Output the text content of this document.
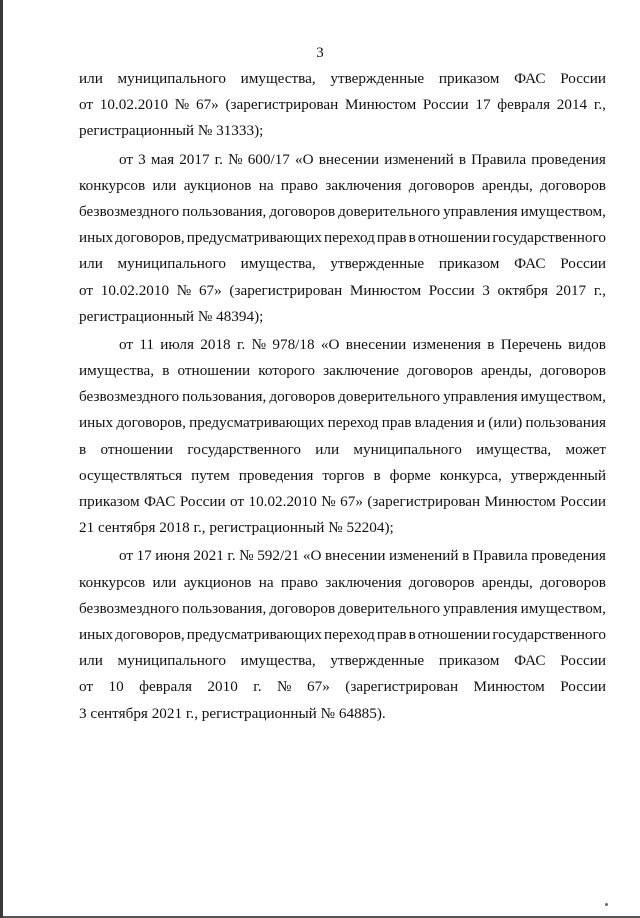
3
или муниципального имущества, утвержденные приказом ФАС России
от 10.02.2010 № 67» (зарегистрирован Минюстом России 17 февраля 2014 г.,
регистрационный № 31333);
от 3 мая 2017 г. № 600/17 «О внесении изменений в Правила проведения
конкурсов или аукционов на право заключения договоров аренды, договоров
безвозмездного пользования, договоров доверительного управления имуществом,
иных договоров, предусматривающих переход прав в отношении государственного
или муниципального имущества, утвержденные приказом ФАС России
от 10.02.2010 № 67» (зарегистрирован Минюстом России 3 октября 2017 г.,
регистрационный № 48394);
от 11 июля 2018 г. № 978/18 «О внесении изменения в Перечень видов
имущества, в отношении которого заключение договоров аренды, договоров
безвозмездного пользования, договоров доверительного управления имуществом,
иных договоров, предусматривающих переход прав владения и (или) пользования
в отношении государственного или муниципального имущества, может
осуществляться путем проведения торгов в форме конкурса, утвержденный
приказом ФАС России от 10.02.2010 № 67» (зарегистрирован Минюстом России
21 сентября 2018 г., регистрационный № 52204);
от 17 июня 2021 г. № 592/21 «О внесении изменений в Правила проведения
конкурсов или аукционов на право заключения договоров аренды, договоров
безвозмездного пользования, договоров доверительного управления имуществом,
иных договоров, предусматривающих переход прав в отношении государственного
или муниципального имущества, утвержденные приказом ФАС России
от 10 февраля 2010 г. № 67» (зарегистрирован Минюстом России
3 сентября 2021 г., регистрационный № 64885).
